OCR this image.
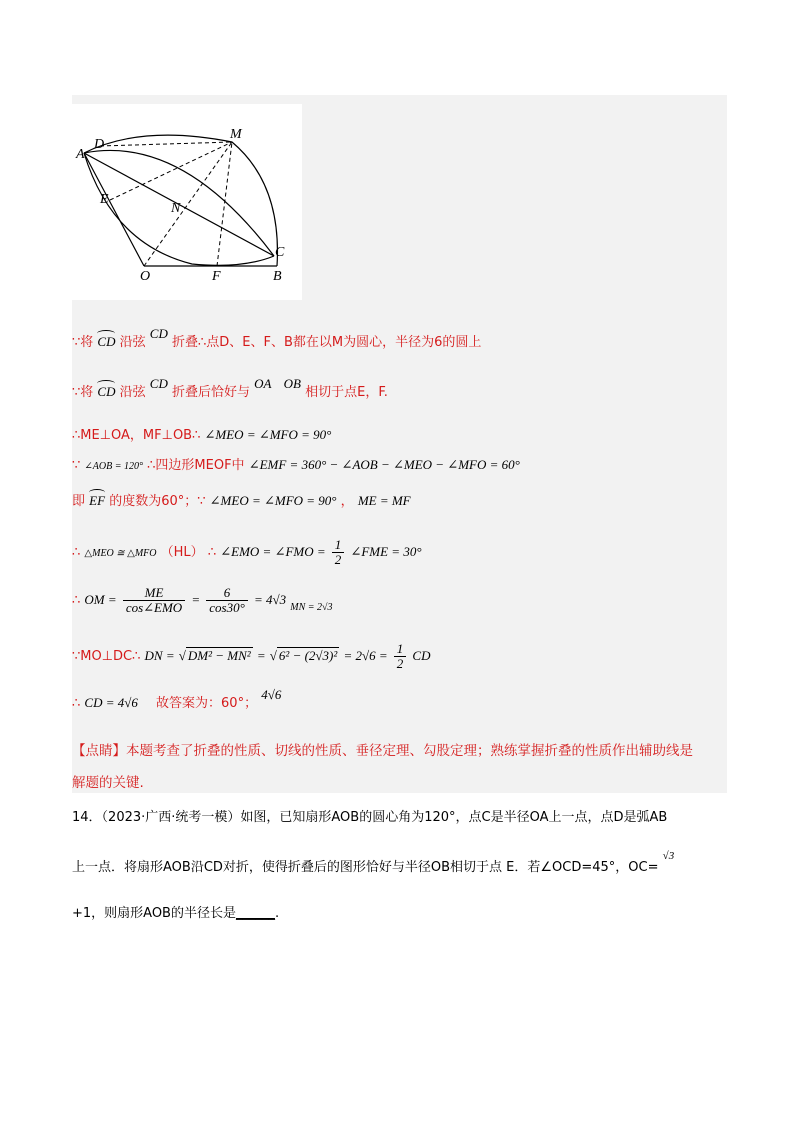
D
M
A
E
N
C
O	F	B
∵将 CD 沿弦 CD 折叠∴点D、E、F、B都在以M为圆心，半径为6的圆上
∵将 CD 沿弦 CD 折叠后恰好与 OA OB 相切于点E，F.
∴ME⊥OA，MF⊥OB∴ ∠MEO = ∠MFO = 90°
∵ ∠AOB = 120° ∴四边形MEOF中 ∠EMF = 360° − ∠AOB − ∠MEO − ∠MFO = 60°
即 EF 的度数为60°；∵ ∠MEO = ∠MFO = 90° ， ME = MF
∴ △MEO ≅ △MFO （HL） ∴ ∠EMO = ∠FMO = $\frac{1}{2}$ ∠FME = 30°
∴ OM = $\frac{ME}{\text{cos∠EMO}} = \frac{6}{\cos 30^\circ} = 4√3$ $_{MN = 2√3}$
∵MO⊥DC∴ DN = √ DM² − MN² = √ $6^2 - (2√3)^2 = 2√6 = \frac{1}{2}$ CD
∴ CD = 4√6 故答案为：60°； 4√6
【点睛】本题考查了折叠的性质、切线的性质、垂径定理、勾股定理；熟练掌握折叠的性质作出辅助线是
解题的关键.
14．（2023·广西·统考一模）如图，已知扇形AOB的圆心角为120°，点C是半径OA上一点，点D是弧AB
上一点．将扇形AOB沿CD对折，使得折叠后的图形恰好与半径OB相切于点 E．若∠OCD=45°，OC= $^{√3}$
+1，则扇形AOB的半径长是______.
